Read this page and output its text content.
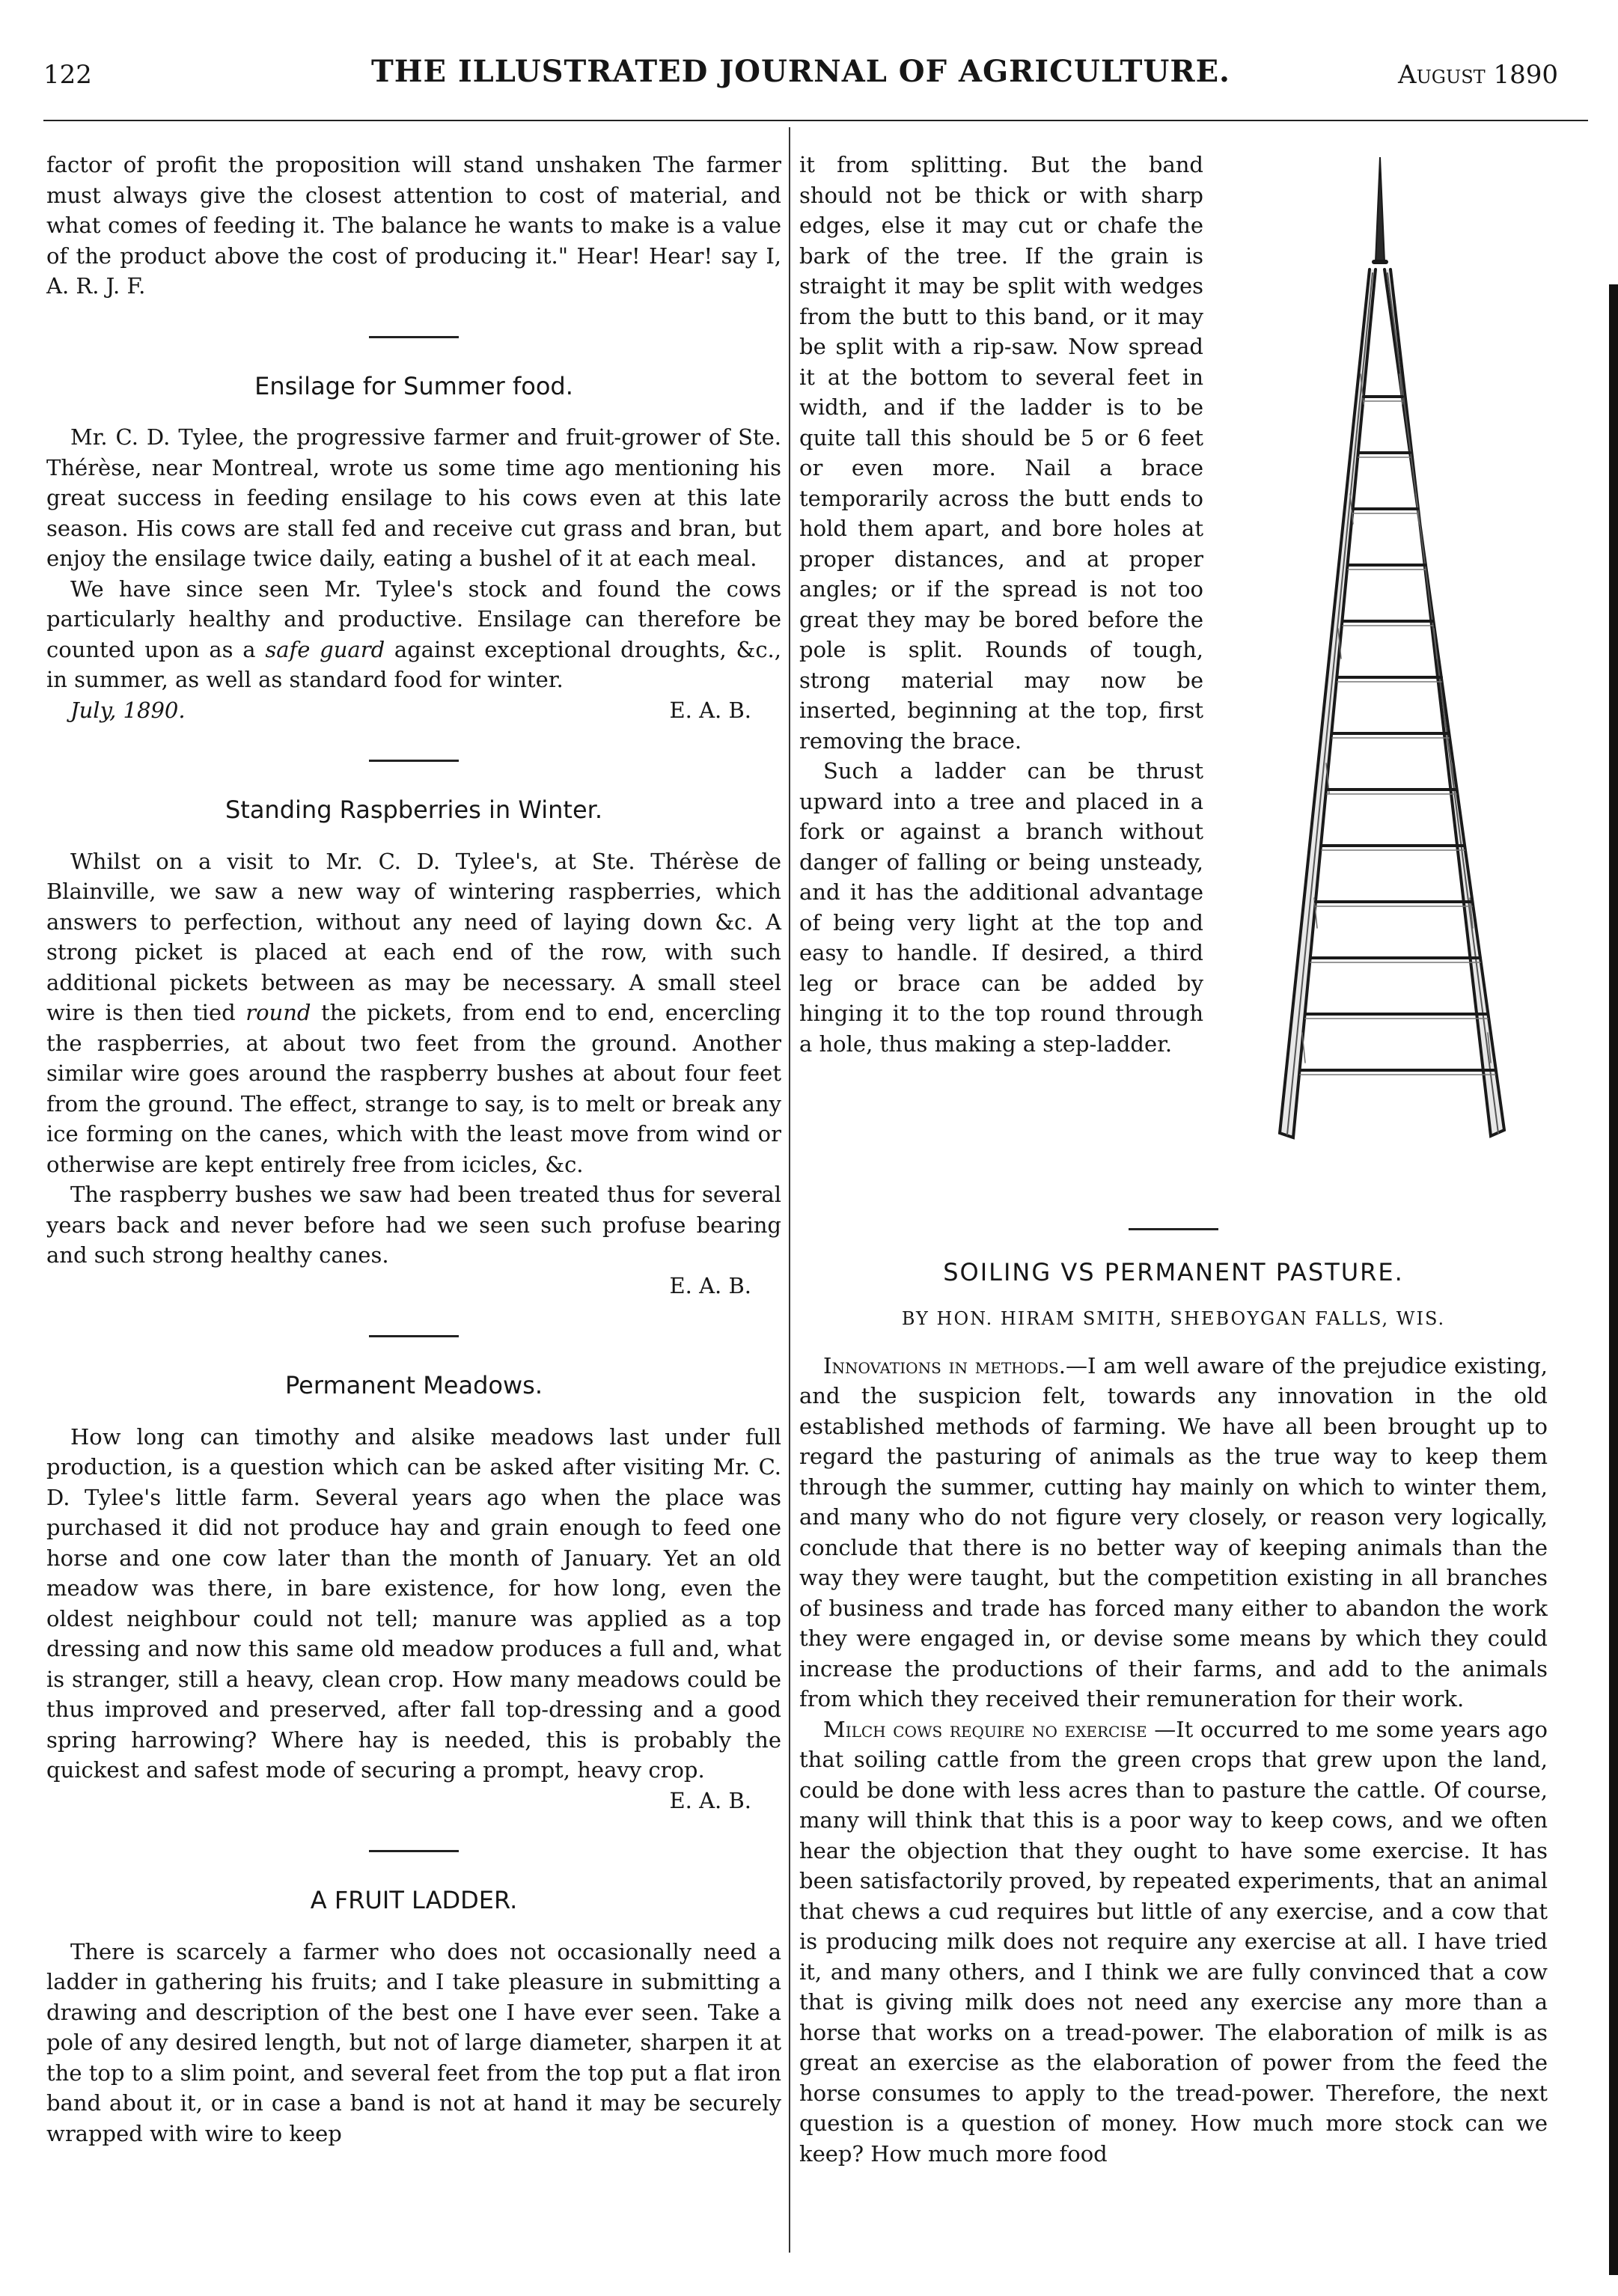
122	THE ILLUSTRATED JOURNAL OF AGRICULTURE.	August 1890

factor of profit the proposition will stand unshaken The farmer must always give the closest attention to cost of material, and what comes of feeding it. The balance he wants to make is a value of the product above the cost of producing it." Hear! Hear! say I, A. R. J. F.

Ensilage for Summer food.

Mr. C. D. Tylee, the progressive farmer and fruit-grower of Ste. Thérèse, near Montreal, wrote us some time ago mentioning his great success in feeding ensilage to his cows even at this late season. His cows are stall fed and receive cut grass and bran, but enjoy the ensilage twice daily, eating a bushel of it at each meal.

We have since seen Mr. Tylee's stock and found the cows particularly healthy and productive. Ensilage can therefore be counted upon as a safe guard against exceptional droughts, &c., in summer, as well as standard food for winter.

July, 1890.	E. A. B.

Standing Raspberries in Winter.

Whilst on a visit to Mr. C. D. Tylee's, at Ste. Thérèse de Blainville, we saw a new way of wintering raspberries, which answers to perfection, without any need of laying down &c. A strong picket is placed at each end of the row, with such additional pickets between as may be necessary. A small steel wire is then tied round the pickets, from end to end, encercling the raspberries, at about two feet from the ground. Another similar wire goes around the raspberry bushes at about four feet from the ground. The effect, strange to say, is to melt or break any ice forming on the canes, which with the least move from wind or otherwise are kept entirely free from icicles, &c.

The raspberry bushes we saw had been treated thus for several years back and never before had we seen such profuse bearing and such strong healthy canes.

E. A. B.

Permanent Meadows.

How long can timothy and alsike meadows last under full production, is a question which can be asked after visiting Mr. C. D. Tylee's little farm. Several years ago when the place was purchased it did not produce hay and grain enough to feed one horse and one cow later than the month of January. Yet an old meadow was there, in bare existence, for how long, even the oldest neighbour could not tell; manure was applied as a top dressing and now this same old meadow produces a full and, what is stranger, still a heavy, clean crop. How many meadows could be thus improved and preserved, after fall top-dressing and a good spring harrowing? Where hay is needed, this is probably the quickest and safest mode of securing a prompt, heavy crop.

E. A. B.

A FRUIT LADDER.

There is scarcely a farmer who does not occasionally need a ladder in gathering his fruits; and I take pleasure in submitting a drawing and description of the best one I have ever seen. Take a pole of any desired length, but not of large diameter, sharpen it at the top to a slim point, and several feet from the top put a flat iron band about it, or in case a band is not at hand it may be securely wrapped with wire to keep

it from splitting. But the band should not be thick or with sharp edges, else it may cut or chafe the bark of the tree. If the grain is straight it may be split with wedges from the butt to this band, or it may be split with a rip-saw. Now spread it at the bottom to several feet in width, and if the ladder is to be quite tall this should be 5 or 6 feet or even more. Nail a brace temporarily across the butt ends to hold them apart, and bore holes at proper distances, and at proper angles; or if the spread is not too great they may be bored before the pole is split. Rounds of tough, strong material may now be inserted, beginning at the top, first removing the brace.

Such a ladder can be thrust upward into a tree and placed in a fork or against a branch without danger of falling or being unsteady, and it has the additional advantage of being very light at the top and easy to handle. If desired, a third leg or brace can be added by hinging it to the top round through a hole, thus making a step-ladder.

SOILING VS PERMANENT PASTURE.
BY HON. HIRAM SMITH, SHEBOYGAN FALLS, WIS.

Innovations in methods.—I am well aware of the prejudice existing, and the suspicion felt, towards any innovation in the old established methods of farming. We have all been brought up to regard the pasturing of animals as the true way to keep them through the summer, cutting hay mainly on which to winter them, and many who do not figure very closely, or reason very logically, conclude that there is no better way of keeping animals than the way they were taught, but the competition existing in all branches of business and trade has forced many either to abandon the work they were engaged in, or devise some means by which they could increase the productions of their farms, and add to the animals from which they received their remuneration for their work.

Milch cows require no exercise —It occurred to me some years ago that soiling cattle from the green crops that grew upon the land, could be done with less acres than to pasture the cattle. Of course, many will think that this is a poor way to keep cows, and we often hear the objection that they ought to have some exercise. It has been satisfactorily proved, by repeated experiments, that an animal that chews a cud requires but little of any exercise, and a cow that is producing milk does not require any exercise at all. I have tried it, and many others, and I think we are fully convinced that a cow that is giving milk does not need any exercise any more than a horse that works on a tread-power. The elaboration of milk is as great an exercise as the elaboration of power from the feed the horse consumes to apply to the tread-power. Therefore, the next question is a question of money. How much more stock can we keep? How much more food
